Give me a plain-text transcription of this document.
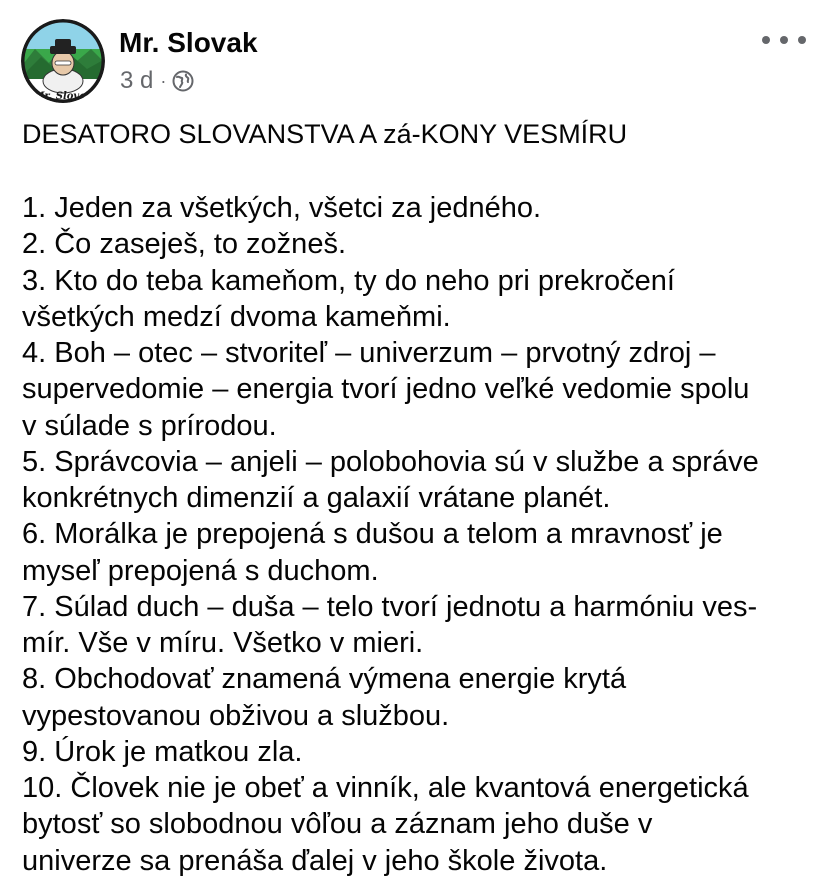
Mr. Slovak
Mr. Slovak
3 d ·
DESATORO SLOVANSTVA A zá-KONY VESMÍRU
1. Jeden za všetkých, všetci za jedného.
2. Čo zaseješ, to zožneš.
3. Kto do teba kameňom, ty do neho pri prekročení
všetkých medzí dvoma kameňmi.
4. Boh – otec – stvoriteľ – univerzum – prvotný zdroj –
supervedomie – energia tvorí jedno veľké vedomie spolu
v súlade s prírodou.
5. Správcovia – anjeli – polobohovia sú v službe a správe
konkrétnych dimenzií a galaxií vrátane planét.
6. Morálka je prepojená s dušou a telom a mravnosť je
myseľ prepojená s duchom.
7. Súlad duch – duša – telo tvorí jednotu a harmóniu ves-
mír. Vše v míru. Všetko v mieri.
8. Obchodovať znamená výmena energie krytá
vypestovanou obživou a službou.
9. Úrok je matkou zla.
10. Človek nie je obeť a vinník, ale kvantová energetická
bytosť so slobodnou vôľou a záznam jeho duše v
univerze sa prenáša ďalej v jeho škole života.
